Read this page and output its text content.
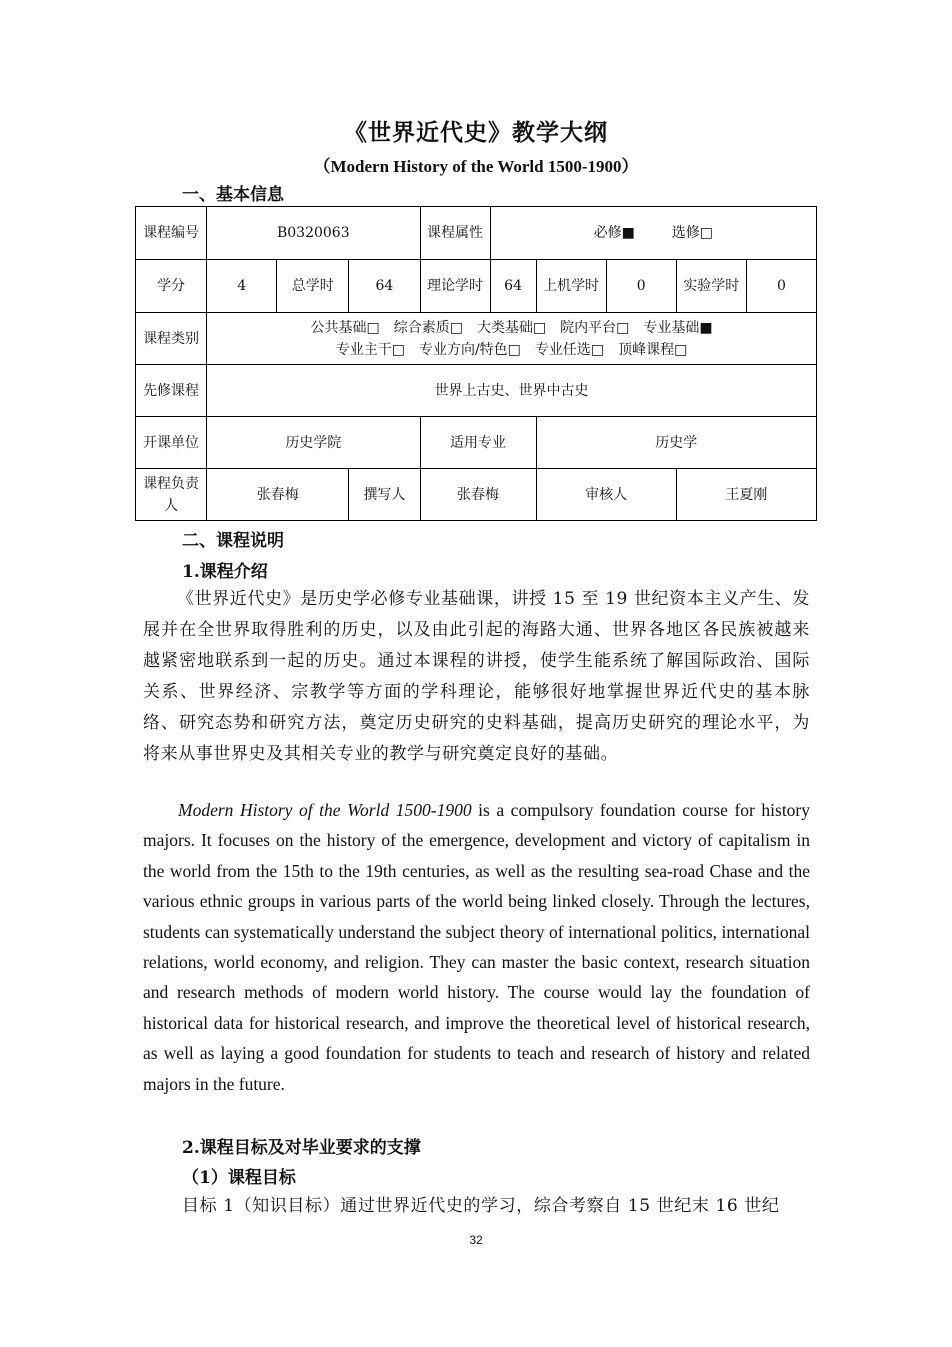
《世界近代史》教学大纲
（Modern History of the World 1500-1900）
一、基本信息
课程编号	B0320063			课程属性	必修■ 选修□				
学分	4	总学时	64	理论学时	64	上机学时	0	实验学时	0
课程类别	公共基础□　综合素质□　大类基础□　院内平台□　专业基础■
专业主干□　专业方向/特色□　专业任选□　顶峰课程□								

先修课程	世界上古史、世界中古史								
开课单位	历史学院			适用专业		历史学			
课程负责人	张春梅		撰写人	张春梅		审核人		王夏刚	
二、课程说明
1.课程介绍
《世界近代史》是历史学必修专业基础课，讲授 15 至 19 世纪资本主义产生、发展并在全世界取得胜利的历史，以及由此引起的海路大通、世界各地区各民族被越来越紧密地联系到一起的历史。通过本课程的讲授，使学生能系统了解国际政治、国际关系、世界经济、宗教学等方面的学科理论，能够很好地掌握世界近代史的基本脉络、研究态势和研究方法，奠定历史研究的史料基础，提高历史研究的理论水平，为将来从事世界史及其相关专业的教学与研究奠定良好的基础。
Modern History of the World 1500-1900 is a compulsory foundation course for history majors. It focuses on the history of the emergence, development and victory of capitalism in the world from the 15th to the 19th centuries, as well as the resulting sea-road Chase and the various ethnic groups in various parts of the world being linked closely. Through the lectures, students can systematically understand the subject theory of international politics, international relations, world economy, and religion. They can master the basic context, research situation and research methods of modern world history. The course would lay the foundation of historical data for historical research, and improve the theoretical level of historical research, as well as laying a good foundation for students to teach and research of history and related majors in the future.
2.课程目标及对毕业要求的支撑
（1）课程目标
目标 1（知识目标）通过世界近代史的学习，综合考察自 15 世纪末 16 世纪
32
